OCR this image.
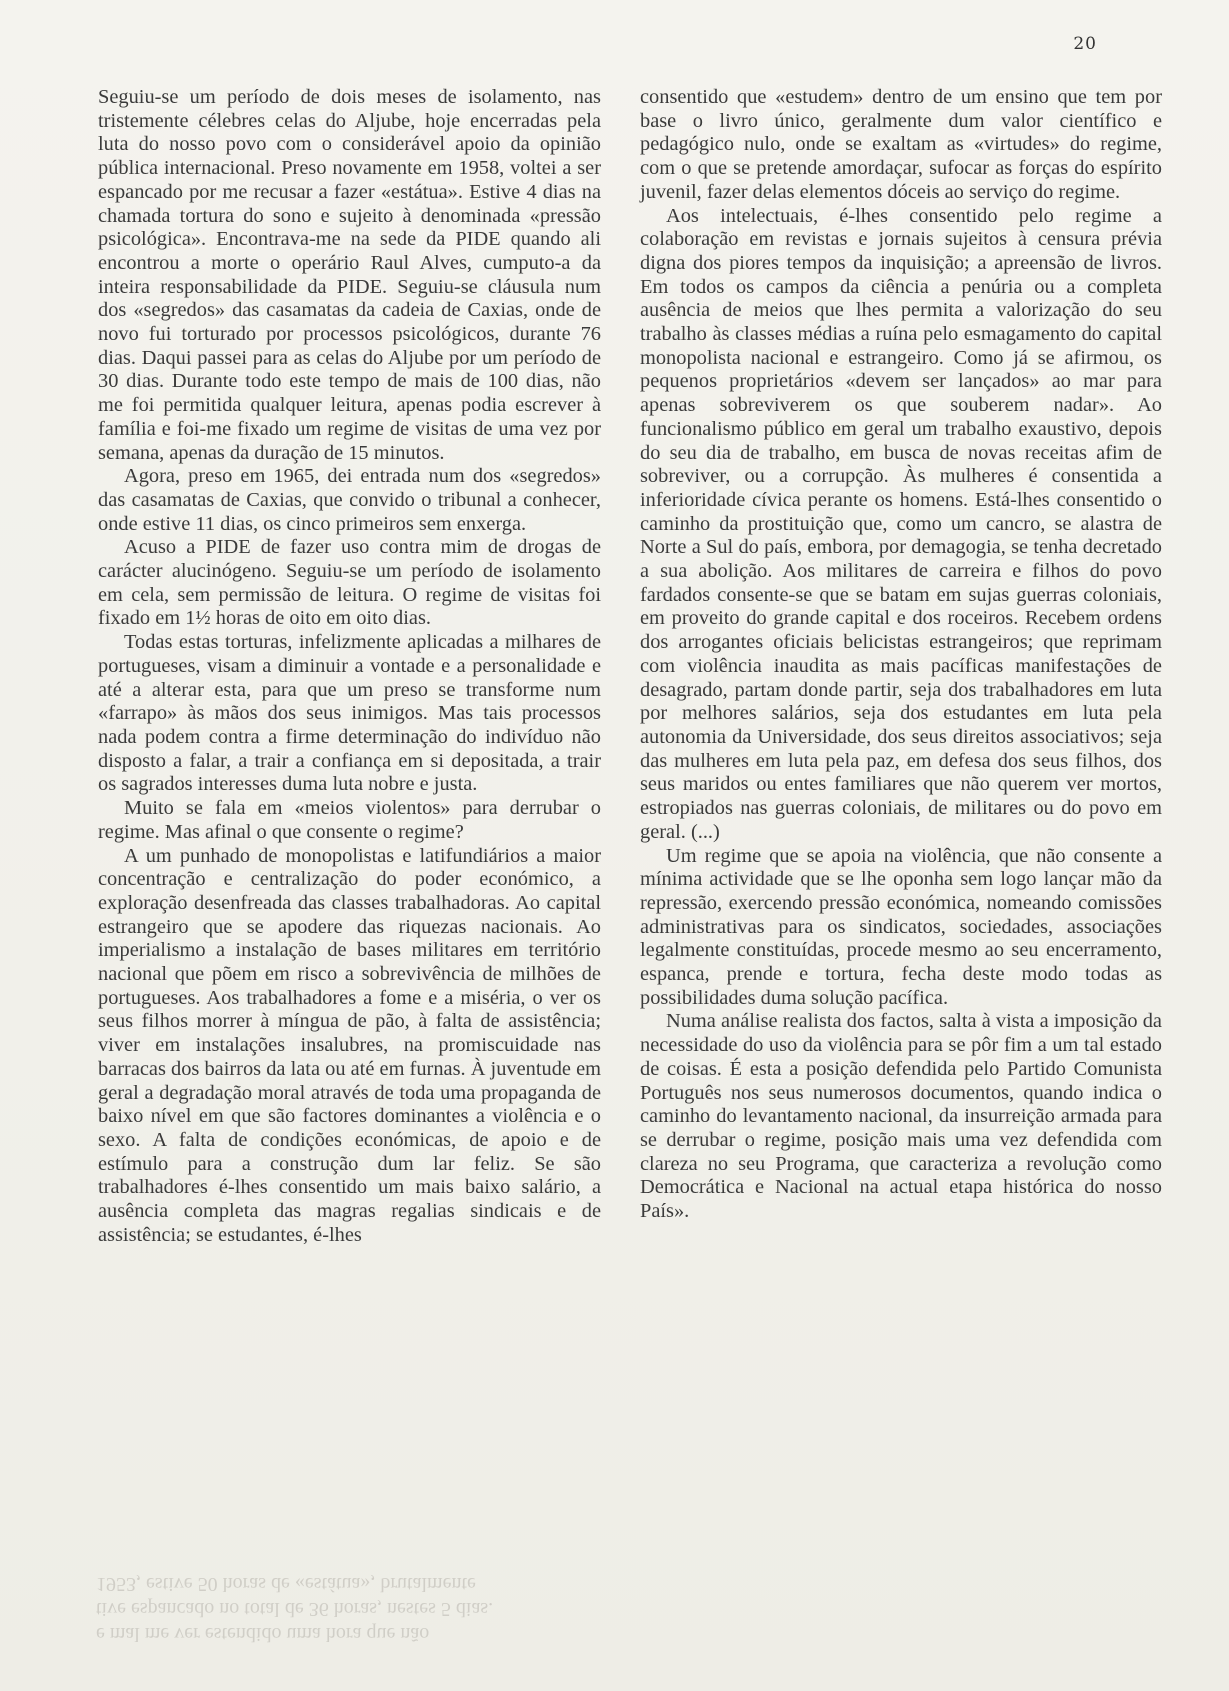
20

Seguiu-se um período de dois meses de isolamento, nas tristemente célebres celas do Aljube, hoje encerradas pela luta do nosso povo com o considerável apoio da opinião pública internacional. Preso novamente em 1958, voltei a ser espancado por me recusar a fazer «estátua». Estive 4 dias na chamada tortura do sono e sujeito à denominada «pressão psicológica». Encontrava-me na sede da PIDE quando ali encontrou a morte o operário Raul Alves, cumputo-a da inteira responsabilidade da PIDE. Seguiu-se cláusula num dos «segredos» das casamatas da cadeia de Caxias, onde de novo fui torturado por processos psicológicos, durante 76 dias. Daqui passei para as celas do Aljube por um período de 30 dias. Durante todo este tempo de mais de 100 dias, não me foi permitida qualquer leitura, apenas podia escrever à família e foi-me fixado um regime de visitas de uma vez por semana, apenas da duração de 15 minutos.

Agora, preso em 1965, dei entrada num dos «segredos» das casamatas de Caxias, que convido o tribunal a conhecer, onde estive 11 dias, os cinco primeiros sem enxerga.

Acuso a PIDE de fazer uso contra mim de drogas de carácter alucinógeno. Seguiu-se um período de isolamento em cela, sem permissão de leitura. O regime de visitas foi fixado em 1½ horas de oito em oito dias.

Todas estas torturas, infelizmente aplicadas a milhares de portugueses, visam a diminuir a vontade e a personalidade e até a alterar esta, para que um preso se transforme num «farrapo» às mãos dos seus inimigos. Mas tais processos nada podem contra a firme determinação do indivíduo não disposto a falar, a trair a confiança em si depositada, a trair os sagrados interesses duma luta nobre e justa.

Muito se fala em «meios violentos» para derrubar o regime. Mas afinal o que consente o regime?

A um punhado de monopolistas e latifundiários a maior concentração e centralização do poder económico, a exploração desenfreada das classes trabalhadoras. Ao capital estrangeiro que se apodere das riquezas nacionais. Ao imperialismo a instalação de bases militares em território nacional que põem em risco a sobrevivência de milhões de portugueses. Aos trabalhadores a fome e a miséria, o ver os seus filhos morrer à míngua de pão, à falta de assistência; viver em instalações insalubres, na promiscuidade nas barracas dos bairros da lata ou até em furnas. À juventude em geral a degradação moral através de toda uma propaganda de baixo nível em que são factores dominantes a violência e o sexo. A falta de condições económicas, de apoio e de estímulo para a construção dum lar feliz. Se são trabalhadores é-lhes consentido um mais baixo salário, a ausência completa das magras regalias sindicais e de assistência; se estudantes, é-lhes

consentido que «estudem» dentro de um ensino que tem por base o livro único, geralmente dum valor científico e pedagógico nulo, onde se exaltam as «virtudes» do regime, com o que se pretende amordaçar, sufocar as forças do espírito juvenil, fazer delas elementos dóceis ao serviço do regime.

Aos intelectuais, é-lhes consentido pelo regime a colaboração em revistas e jornais sujeitos à censura prévia digna dos piores tempos da inquisição; a apreensão de livros. Em todos os campos da ciência a penúria ou a completa ausência de meios que lhes permita a valorização do seu trabalho às classes médias a ruína pelo esmagamento do capital monopolista nacional e estrangeiro. Como já se afirmou, os pequenos proprietários «devem ser lançados» ao mar para apenas sobreviverem os que souberem nadar». Ao funcionalismo público em geral um trabalho exaustivo, depois do seu dia de trabalho, em busca de novas receitas afim de sobreviver, ou a corrupção. Às mulheres é consentida a inferioridade cívica perante os homens. Está-lhes consentido o caminho da prostituição que, como um cancro, se alastra de Norte a Sul do país, embora, por demagogia, se tenha decretado a sua abolição. Aos militares de carreira e filhos do povo fardados consente-se que se batam em sujas guerras coloniais, em proveito do grande capital e dos roceiros. Recebem ordens dos arrogantes oficiais belicistas estrangeiros; que reprimam com violência inaudita as mais pacíficas manifestações de desagrado, partam donde partir, seja dos trabalhadores em luta por melhores salários, seja dos estudantes em luta pela autonomia da Universidade, dos seus direitos associativos; seja das mulheres em luta pela paz, em defesa dos seus filhos, dos seus maridos ou entes familiares que não querem ver mortos, estropiados nas guerras coloniais, de militares ou do povo em geral. (...)

Um regime que se apoia na violência, que não consente a mínima actividade que se lhe oponha sem logo lançar mão da repressão, exercendo pressão económica, nomeando comissões administrativas para os sindicatos, sociedades, associações legalmente constituídas, procede mesmo ao seu encerramento, espanca, prende e tortura, fecha deste modo todas as possibilidades duma solução pacífica.

Numa análise realista dos factos, salta à vista a imposição da necessidade do uso da violência para se pôr fim a um tal estado de coisas. É esta a posição defendida pelo Partido Comunista Português nos seus numerosos documentos, quando indica o caminho do levantamento nacional, da insurreição armada para se derrubar o regime, posição mais uma vez defendida com clareza no seu Programa, que caracteriza a revolução como Democrática e Nacional na actual etapa histórica do nosso País».

1953, estive 50 horas de «estátua», brutalmente
tive espancado no total de 36 horas, nestes 5 dias.
e mal me ver estendido uma hora que não
